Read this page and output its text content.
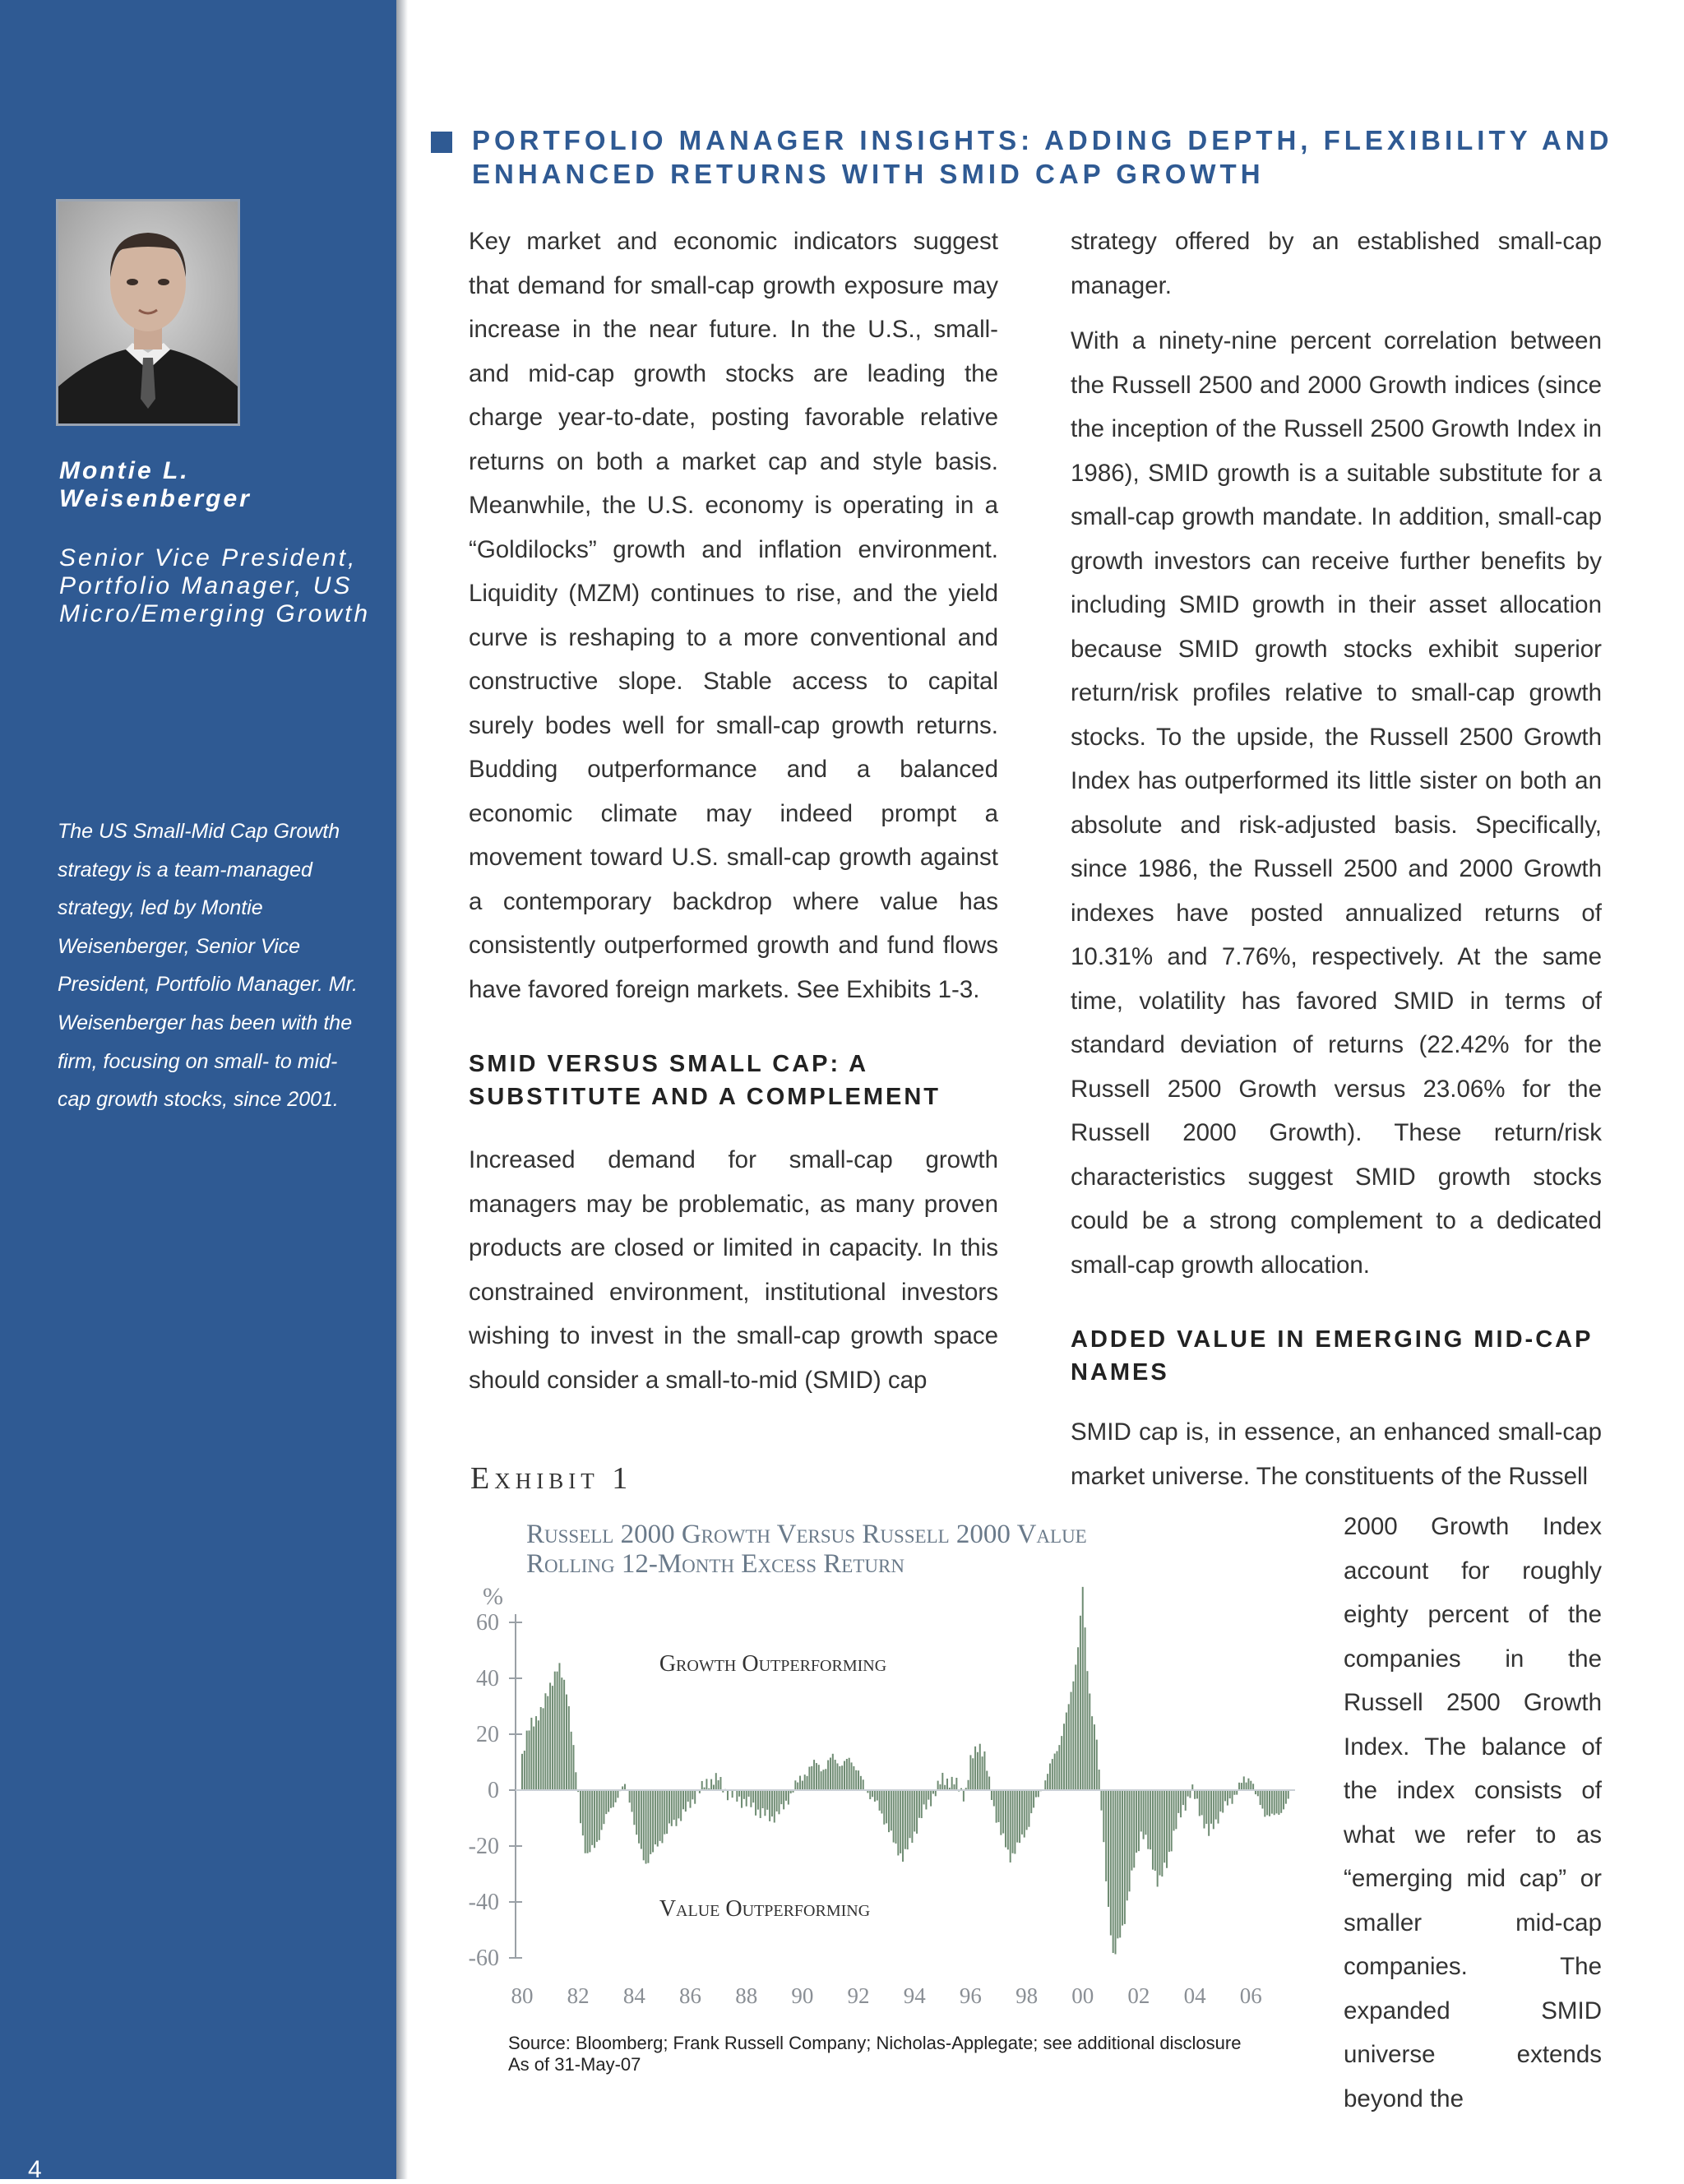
Montie L. Weisenberger
Senior Vice President, Portfolio Manager, US Micro/Emerging Growth
The US Small-Mid Cap Growth strategy is a team-managed strategy, led by Montie Weisenberger, Senior Vice President, Portfolio Manager. Mr. Weisenberger has been with the firm, focusing on small- to mid-cap growth stocks, since 2001.
4
PORTFOLIO MANAGER INSIGHTS: ADDING DEPTH, FLEXIBILITY AND ENHANCED RETURNS WITH SMID CAP GROWTH

Key market and economic indicators suggest that demand for small-cap growth exposure may increase in the near future. In the U.S., small- and mid-cap growth stocks are leading the charge year-to-date, posting favorable relative returns on both a market cap and style basis. Meanwhile, the U.S. economy is operating in a “Goldilocks” growth and inflation environment. Liquidity (MZM) continues to rise, and the yield curve is reshaping to a more conventional and constructive slope. Stable access to capital surely bodes well for small-cap growth returns. Budding outperformance and a balanced economic climate may indeed prompt a movement toward U.S. small-cap growth against a contemporary backdrop where value has consistently outperformed growth and fund flows have favored foreign markets. See Exhibits 1-3.

SMID VERSUS SMALL CAP: A SUBSTITUTE AND A COMPLEMENT

Increased demand for small-cap growth managers may be problematic, as many proven products are closed or limited in capacity. In this constrained environment, institutional investors wishing to invest in the small-cap growth space should consider a small-to-mid (SMID) cap

strategy offered by an established small-cap manager.

With a ninety-nine percent correlation between the Russell 2500 and 2000 Growth indices (since the inception of the Russell 2500 Growth Index in 1986), SMID growth is a suitable substitute for a small-cap growth mandate. In addition, small-cap growth investors can receive further benefits by including SMID growth in their asset allocation because SMID growth stocks exhibit superior return/risk profiles relative to small-cap growth stocks. To the upside, the Russell 2500 Growth Index has outperformed its little sister on both an absolute and risk-adjusted basis. Specifically, since 1986, the Russell 2500 and 2000 Growth indexes have posted annualized returns of 10.31% and 7.76%, respectively. At the same time, volatility has favored SMID in terms of standard deviation of returns (22.42% for the Russell 2500 Growth versus 23.06% for the Russell 2000 Growth). These return/risk characteristics suggest SMID growth stocks could be a strong complement to a dedicated small-cap growth allocation.

ADDED VALUE IN EMERGING MID-CAP NAMES

SMID cap is, in essence, an enhanced small-cap market universe. The constituents of the Russell

2000 Growth Index account for roughly eighty percent of the companies in the Russell 2500 Growth Index. The balance of the index consists of what we refer to as “emerging mid cap” or smaller mid-cap companies. The expanded SMID universe extends beyond the
Exhibit 1
Russell 2000 Growth Versus Russell 2000 Value
Rolling 12-Month Excess Return
%
60
40
20
0
-20
-40
-60
80 82 84 86 88 90 92 94 96 98 00 02 04 06
Growth Outperforming
Value Outperforming
Source: Bloomberg; Frank Russell Company; Nicholas-Applegate; see additional disclosure
As of 31-May-07
